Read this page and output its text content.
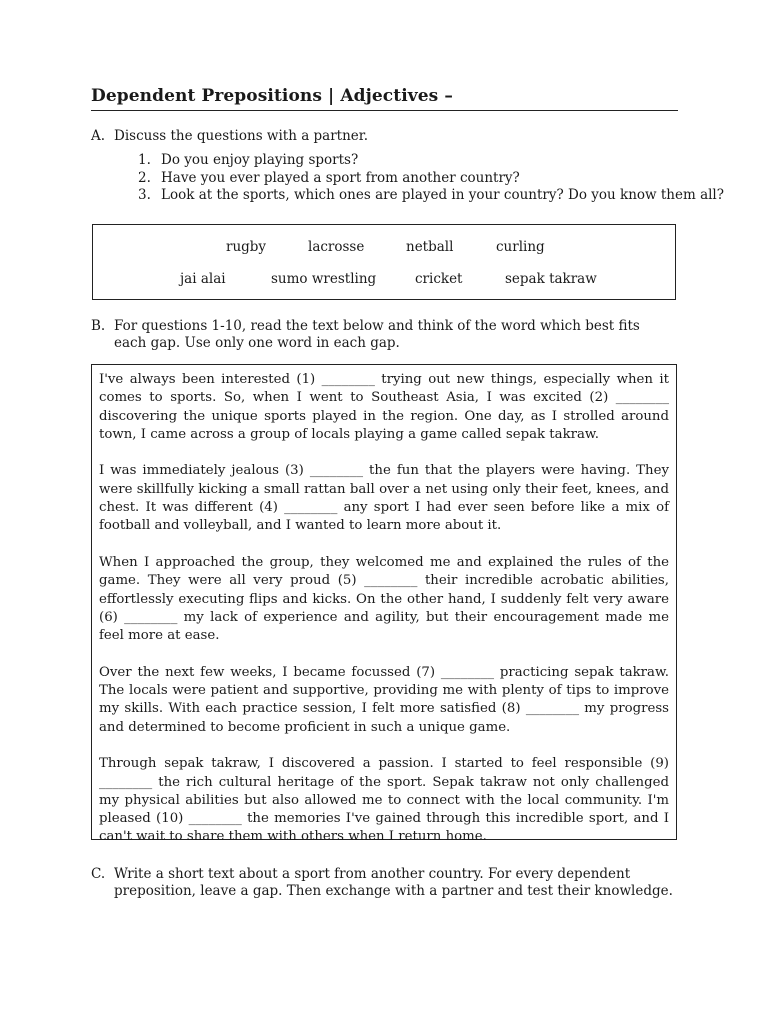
Dependent Prepositions | Adjectives –
A. Discuss the questions with a partner.
1. Do you enjoy playing sports?
2. Have you ever played a sport from another country?
3. Look at the sports, which ones are played in your country? Do you know them all?
rugby	lacrosse	netball	curling
jai alai	sumo wrestling	cricket	sepak takraw
B. For questions 1-10, read the text below and think of the word which best fits each gap. Use only one word in each gap.

I've always been interested (1) ________ trying out new things, especially when it comes to sports. So, when I went to Southeast Asia, I was excited (2) ________ discovering the unique sports played in the region. One day, as I strolled around town, I came across a group of locals playing a game called sepak takraw.

I was immediately jealous (3) ________ the fun that the players were having. They were skillfully kicking a small rattan ball over a net using only their feet, knees, and chest. It was different (4) ________ any sport I had ever seen before like a mix of football and volleyball, and I wanted to learn more about it.

When I approached the group, they welcomed me and explained the rules of the game. They were all very proud (5) ________ their incredible acrobatic abilities, effortlessly executing flips and kicks. On the other hand, I suddenly felt very aware (6) ________ my lack of experience and agility, but their encouragement made me feel more at ease.

Over the next few weeks, I became focussed (7) ________ practicing sepak takraw. The locals were patient and supportive, providing me with plenty of tips to improve my skills. With each practice session, I felt more satisfied (8) ________ my progress and determined to become proficient in such a unique game.

Through sepak takraw, I discovered a passion. I started to feel responsible (9) ________ the rich cultural heritage of the sport. Sepak takraw not only challenged my physical abilities but also allowed me to connect with the local community. I'm pleased (10) ________ the memories I've gained through this incredible sport, and I can't wait to share them with others when I return home.

C. Write a short text about a sport from another country. For every dependent preposition, leave a gap. Then exchange with a partner and test their knowledge.
